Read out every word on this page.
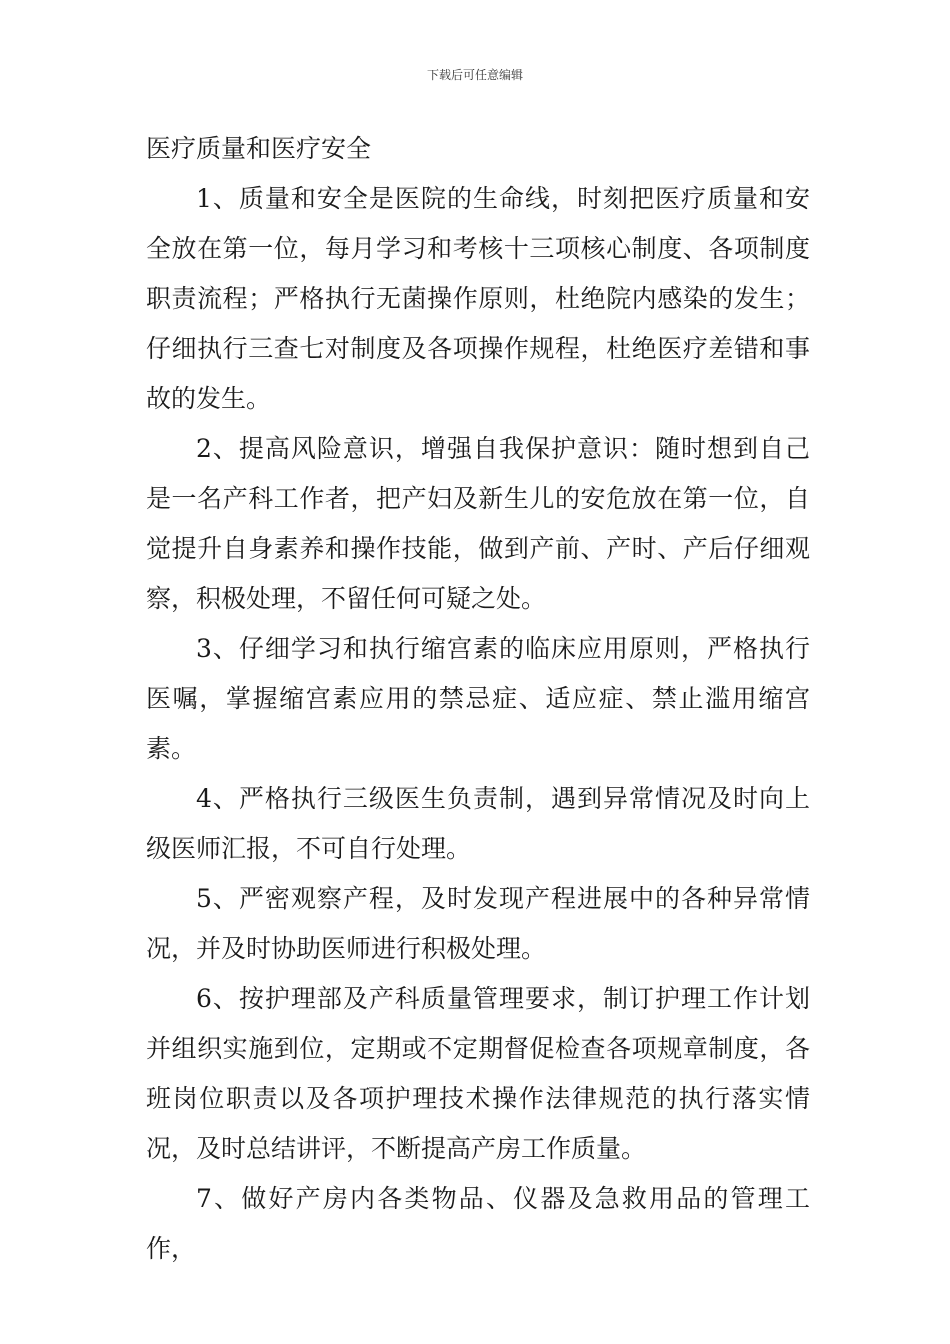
下载后可任意编辑
医疗质量和医疗安全

1、质量和安全是医院的生命线，时刻把医疗质量和安全放在第一位，每月学习和考核十三项核心制度、各项制度职责流程；严格执行无菌操作原则，杜绝院内感染的发生；仔细执行三查七对制度及各项操作规程，杜绝医疗差错和事故的发生。

2、提高风险意识，增强自我保护意识：随时想到自己是一名产科工作者，把产妇及新生儿的安危放在第一位，自觉提升自身素养和操作技能，做到产前、产时、产后仔细观察，积极处理，不留任何可疑之处。

3、仔细学习和执行缩宫素的临床应用原则，严格执行医嘱，掌握缩宫素应用的禁忌症、适应症、禁止滥用缩宫素。

4、严格执行三级医生负责制，遇到异常情况及时向上级医师汇报，不可自行处理。

5、严密观察产程，及时发现产程进展中的各种异常情况，并及时协助医师进行积极处理。

6、按护理部及产科质量管理要求，制订护理工作计划并组织实施到位，定期或不定期督促检查各项规章制度，各班岗位职责以及各项护理技术操作法律规范的执行落实情况，及时总结讲评，不断提高产房工作质量。

7、做好产房内各类物品、仪器及急救用品的管理工作，
